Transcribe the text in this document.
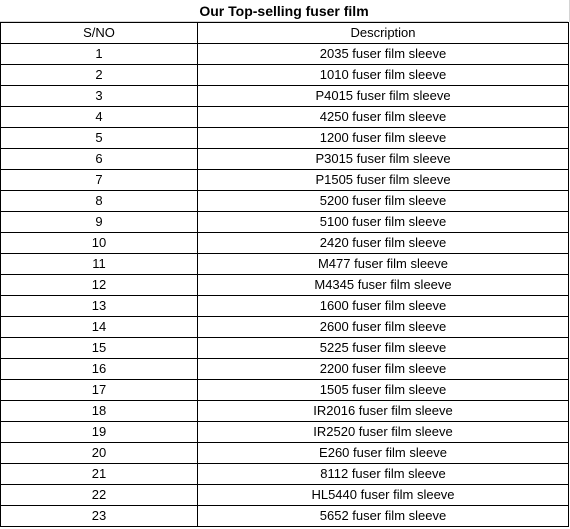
Our Top-selling fuser film
S/NO	Description
1	2035 fuser film sleeve
2	1010 fuser film sleeve
3	P4015 fuser film sleeve
4	4250 fuser film sleeve
5	1200 fuser film sleeve
6	P3015 fuser film sleeve
7	P1505 fuser film sleeve
8	5200 fuser film sleeve
9	5100 fuser film sleeve
10	2420 fuser film sleeve
11	M477 fuser film sleeve
12	M4345 fuser film sleeve
13	1600 fuser film sleeve
14	2600 fuser film sleeve
15	5225 fuser film sleeve
16	2200 fuser film sleeve
17	1505 fuser film sleeve
18	IR2016 fuser film sleeve
19	IR2520 fuser film sleeve
20	E260 fuser film sleeve
21	8112 fuser film sleeve
22	HL5440 fuser film sleeve
23	5652 fuser film sleeve
